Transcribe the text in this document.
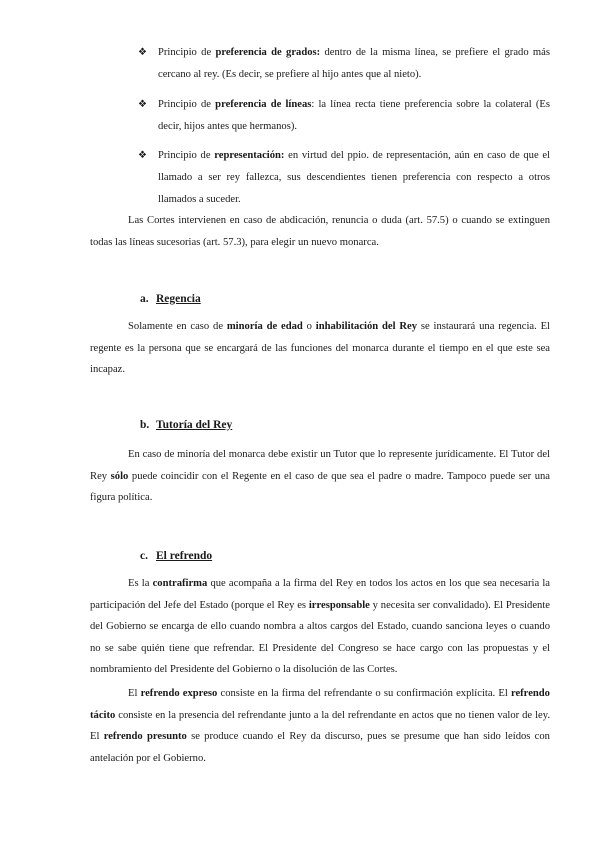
❖	Principio de preferencia de grados: dentro de la misma línea, se prefiere el grado más cercano al rey. (Es decir, se prefiere al hijo antes que al nieto).
❖	Principio de preferencia de líneas: la línea recta tiene preferencia sobre la colateral (Es decir, hijos antes que hermanos).
❖	Principio de representación: en virtud del ppio. de representación, aún en caso de que el llamado a ser rey fallezca, sus descendientes tienen preferencia con respecto a otros llamados a suceder.
Las Cortes intervienen en caso de abdicación, renuncia o duda (art. 57.5) o cuando se extinguen todas las líneas sucesorias (art. 57.3), para elegir un nuevo monarca.
a. Regencia
Solamente en caso de minoría de edad o inhabilitación del Rey se instaurará una regencia. El regente es la persona que se encargará de las funciones del monarca durante el tiempo en el que este sea incapaz.
b. Tutoría del Rey
En caso de minoría del monarca debe existir un Tutor que lo represente jurídicamente. El Tutor del Rey sólo puede coincidir con el Regente en el caso de que sea el padre o madre. Tampoco puede ser una figura política.
c. El refrendo
Es la contrafirma que acompaña a la firma del Rey en todos los actos en los que sea necesaria la participación del Jefe del Estado (porque el Rey es irresponsable y necesita ser convalidado). El Presidente del Gobierno se encarga de ello cuando nombra a altos cargos del Estado, cuando sanciona leyes o cuando no se sabe quién tiene que refrendar. El Presidente del Congreso se hace cargo con las propuestas y el nombramiento del Presidente del Gobierno o la disolución de las Cortes.
El refrendo expreso consiste en la firma del refrendante o su confirmación explícita. El refrendo tácito consiste en la presencia del refrendante junto a la del refrendante en actos que no tienen valor de ley. El refrendo presunto se produce cuando el Rey da discurso, pues se presume que han sido leídos con antelación por el Gobierno.
